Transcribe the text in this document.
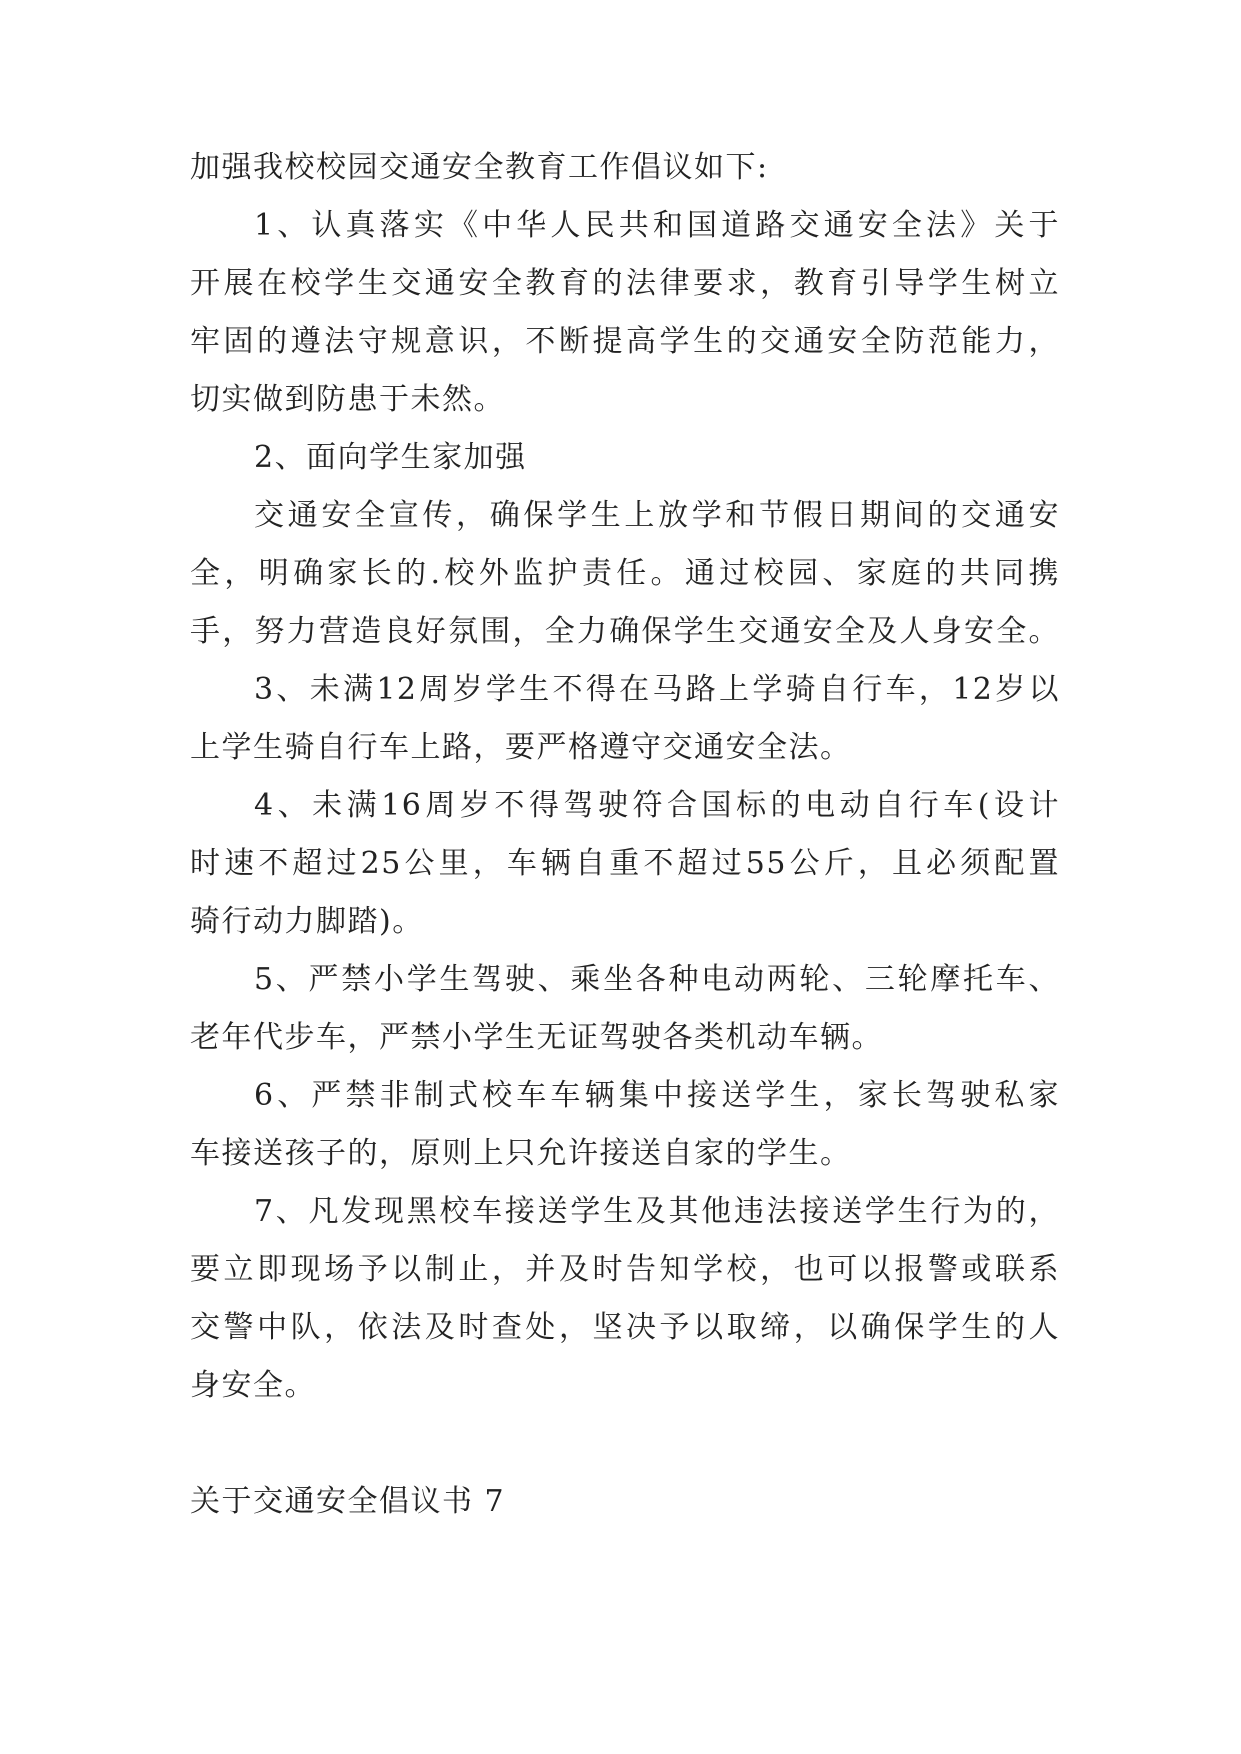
加强我校校园交通安全教育工作倡议如下:
1、认真落实《中华人民共和国道路交通安全法》关于
开展在校学生交通安全教育的法律要求，教育引导学生树立
牢固的遵法守规意识，不断提高学生的交通安全防范能力，
切实做到防患于未然。
2、面向学生家加强
交通安全宣传，确保学生上放学和节假日期间的交通安
全，明确家长的.校外监护责任。通过校园、家庭的共同携
手，努力营造良好氛围，全力确保学生交通安全及人身安全。
3、未满12周岁学生不得在马路上学骑自行车，12岁以
上学生骑自行车上路，要严格遵守交通安全法。
4、未满16周岁不得驾驶符合国标的电动自行车(设计
时速不超过25公里，车辆自重不超过55公斤，且必须配置
骑行动力脚踏)。
5、严禁小学生驾驶、乘坐各种电动两轮、三轮摩托车、
老年代步车，严禁小学生无证驾驶各类机动车辆。
6、严禁非制式校车车辆集中接送学生，家长驾驶私家
车接送孩子的，原则上只允许接送自家的学生。
7、凡发现黑校车接送学生及其他违法接送学生行为的，
要立即现场予以制止，并及时告知学校，也可以报警或联系
交警中队，依法及时查处，坚决予以取缔，以确保学生的人
身安全。
关于交通安全倡议书 7
